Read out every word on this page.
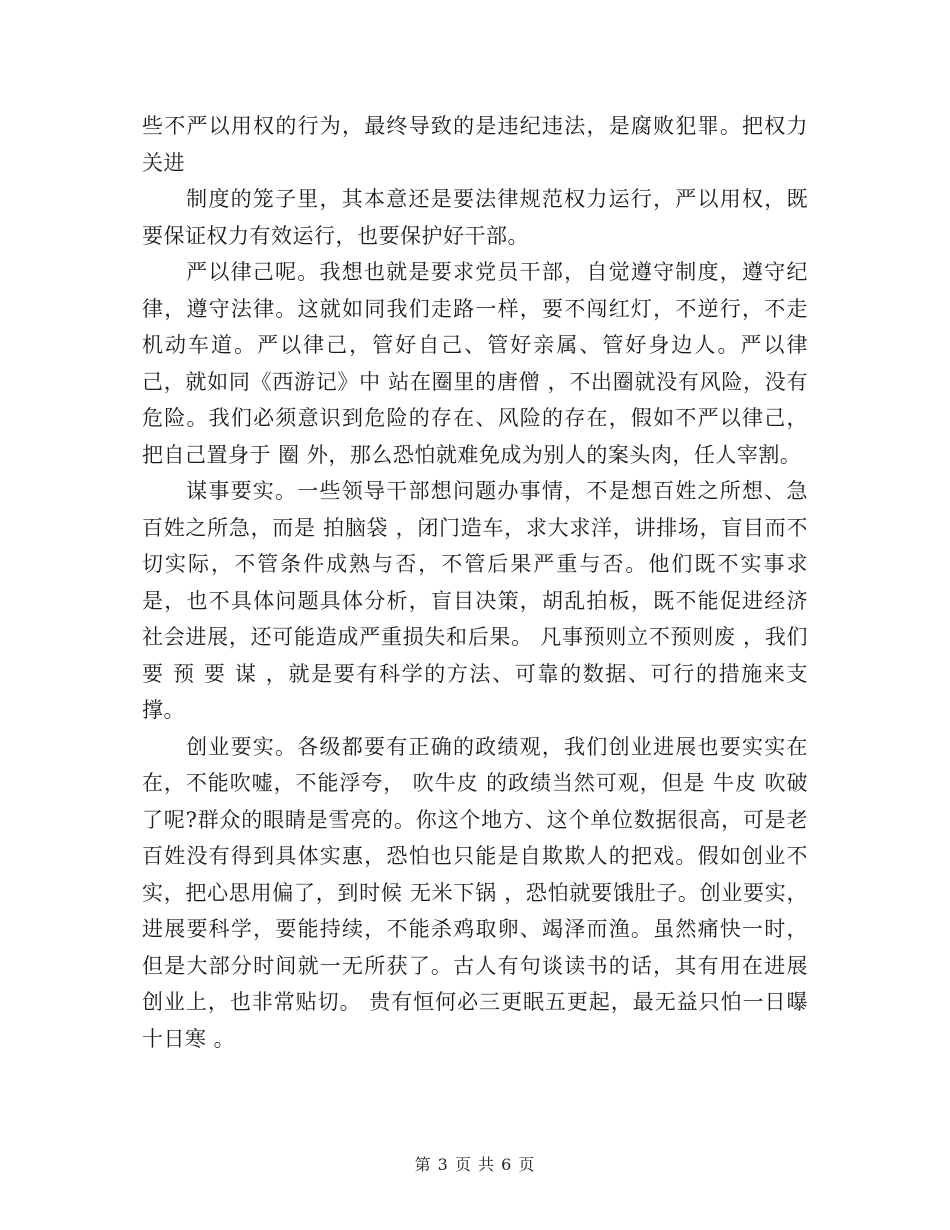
些不严以用权的行为，最终导致的是违纪违法，是腐败犯罪。把权力关进

制度的笼子里，其本意还是要法律规范权力运行，严以用权，既要保证权力有效运行，也要保护好干部。

严以律己呢。我想也就是要求党员干部，自觉遵守制度，遵守纪律，遵守法律。这就如同我们走路一样，要不闯红灯，不逆行，不走机动车道。严以律己，管好自己、管好亲属、管好身边人。严以律己，就如同《西游记》中 站在圈里的唐僧 ，不出圈就没有风险，没有危险。我们必须意识到危险的存在、风险的存在，假如不严以律己，把自己置身于 圈 外，那么恐怕就难免成为别人的案头肉，任人宰割。

谋事要实。一些领导干部想问题办事情，不是想百姓之所想、急百姓之所急，而是 拍脑袋 ，闭门造车，求大求洋，讲排场，盲目而不切实际，不管条件成熟与否，不管后果严重与否。他们既不实事求是，也不具体问题具体分析，盲目决策，胡乱拍板，既不能促进经济社会进展，还可能造成严重损失和后果。 凡事预则立不预则废 ，我们要 预 要 谋 ，就是要有科学的方法、可靠的数据、可行的措施来支撑。

创业要实。各级都要有正确的政绩观，我们创业进展也要实实在在，不能吹嘘，不能浮夸， 吹牛皮 的政绩当然可观，但是 牛皮 吹破了呢?群众的眼睛是雪亮的。你这个地方、这个单位数据很高，可是老百姓没有得到具体实惠，恐怕也只能是自欺欺人的把戏。假如创业不实，把心思用偏了，到时候 无米下锅 ，恐怕就要饿肚子。创业要实，进展要科学，要能持续，不能杀鸡取卵、竭泽而渔。虽然痛快一时，但是大部分时间就一无所获了。古人有句谈读书的话，其有用在进展创业上，也非常贴切。 贵有恒何必三更眠五更起，最无益只怕一日曝十日寒 。

第 3 页 共 6 页
